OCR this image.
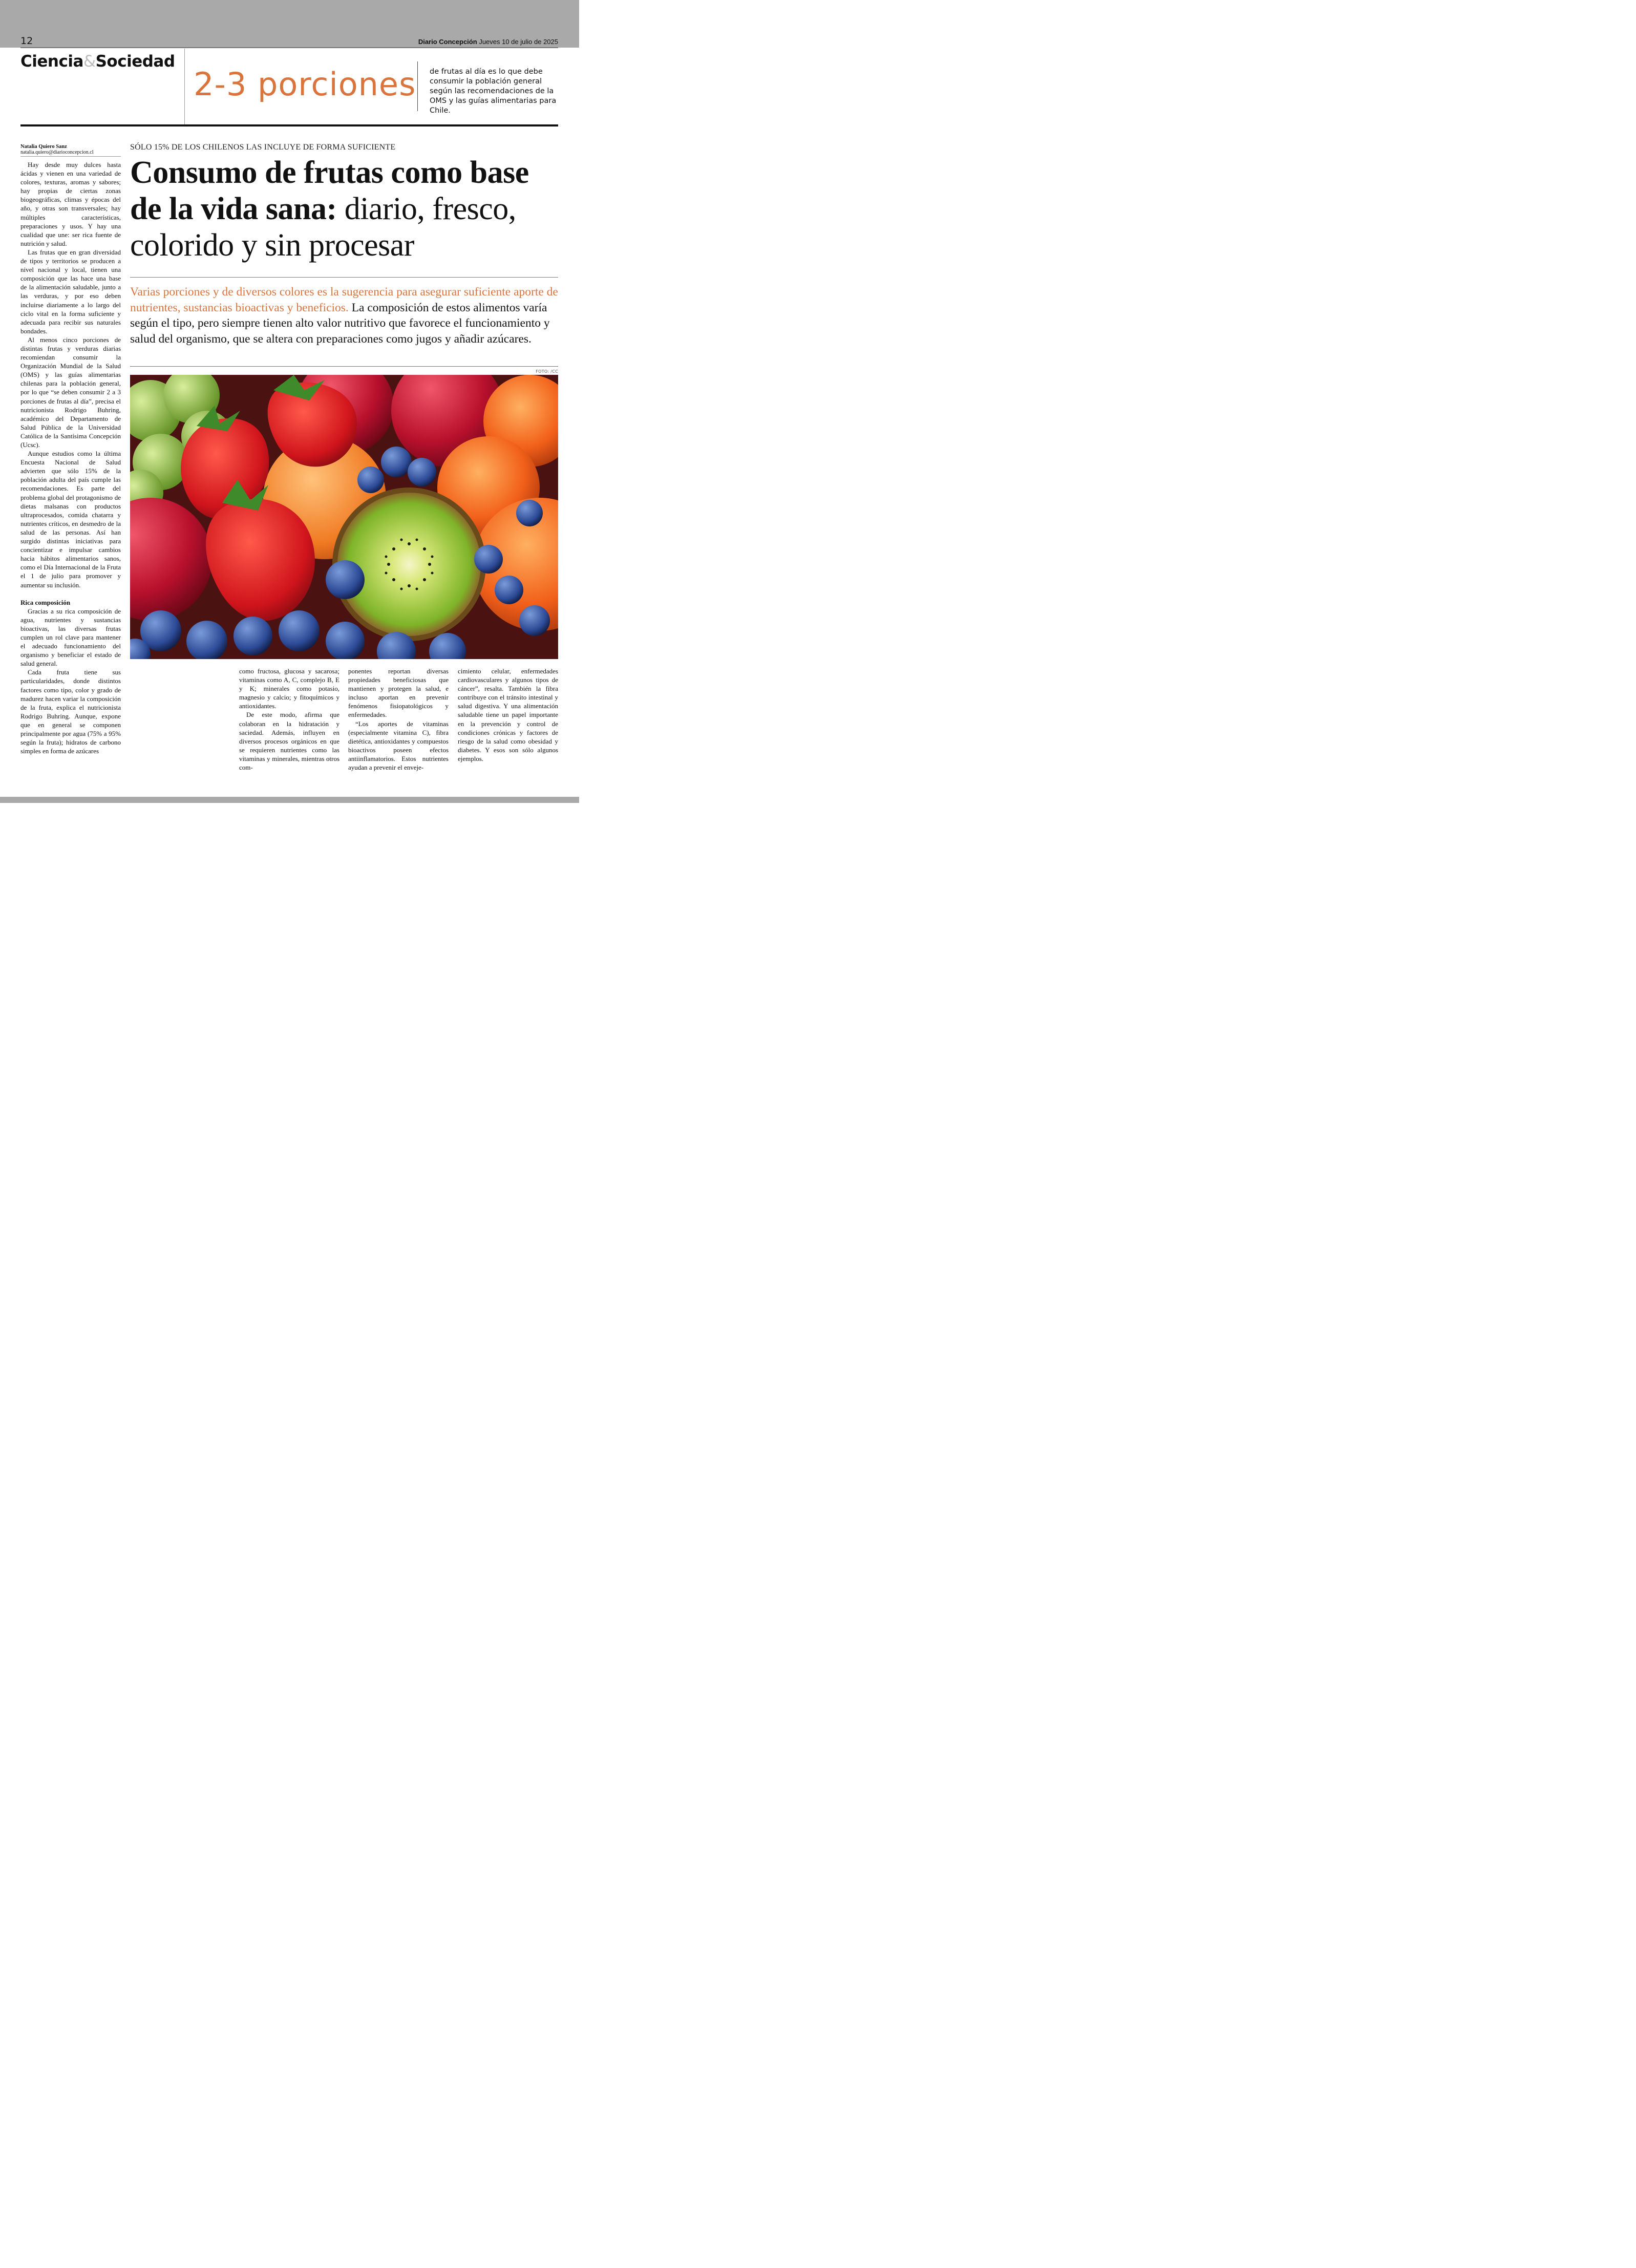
12	Diario Concepción Jueves 10 de julio de 2025
Ciencia&Sociedad
2-3 porciones de frutas al día es lo que debe consumir la población general según las recomendaciones de la OMS y las guías alimentarias para Chile.
Natalia Quiero Sanz
natalia.quiero@diarioconcepcion.cl

Hay desde muy dulces hasta ácidas y vienen en una variedad de colores, texturas, aromas y sabores; hay propias de ciertas zonas biogeográficas, climas y épocas del año, y otras son transversales; hay múltiples características, preparaciones y usos. Y hay una cualidad que une: ser rica fuente de nutrición y salud.

Las frutas que en gran diversidad de tipos y territorios se producen a nivel nacional y local, tienen una composición que las hace una base de la alimentación saludable, junto a las verduras, y por eso deben incluirse diariamente a lo largo del ciclo vital en la forma suficiente y adecuada para recibir sus naturales bondades.

Al menos cinco porciones de distintas frutas y verduras diarias recomiendan consumir la Organización Mundial de la Salud (OMS) y las guías alimentarias chilenas para la población general, por lo que “se deben consumir 2 a 3 porciones de frutas al día”, precisa el nutricionista Rodrigo Buhring, académico del Departamento de Salud Pública de la Universidad Católica de la Santísima Concepción (Ucsc).

Aunque estudios como la última Encuesta Nacional de Salud advierten que sólo 15% de la población adulta del país cumple las recomendaciones. Es parte del problema global del protagonismo de dietas malsanas con productos ultraprocesados, comida chatarra y nutrientes críticos, en desmedro de la salud de las personas. Así han surgido distintas iniciativas para concientizar e impulsar cambios hacia hábitos alimentarios sanos, como el Día Internacional de la Fruta el 1 de julio para promover y aumentar su inclusión.

Rica composición

Gracias a su rica composición de agua, nutrientes y sustancias bioactivas, las diversas frutas cumplen un rol clave para mantener el adecuado funcionamiento del organismo y beneficiar el estado de salud general.

Cada fruta tiene sus particularidades, donde distintos factores como tipo, color y grado de madurez hacen variar la composición de la fruta, explica el nutricionista Rodrigo Buhring. Aunque, expone que en general se componen principalmente por agua (75% a 95% según la fruta); hidratos de carbono simples en forma de azúcares

SÓLO 15% DE LOS CHILENOS LAS INCLUYE DE FORMA SUFICIENTE
Consumo de frutas como base de la vida sana: diario, fresco, colorido y sin procesar
Varias porciones y de diversos colores es la sugerencia para asegurar suficiente aporte de nutrientes, sustancias bioactivas y beneficios. La composición de estos alimentos varía según el tipo, pero siempre tienen alto valor nutritivo que favorece el funcionamiento y salud del organismo, que se altera con preparaciones como jugos y añadir azúcares.
FOTO: /CC

como fructosa, glucosa y sacarosa; vitaminas como A, C, complejo B, E y K; minerales como potasio, magnesio y calcio; y fitoquímicos y antioxidantes.

De este modo, afirma que colaboran en la hidratación y saciedad. Además, influyen en diversos procesos orgánicos en que se requieren nutrientes como las vitaminas y minerales, mientras otros com-

ponentes reportan diversas propiedades beneficiosas que mantienen y protegen la salud, e incluso aportan en prevenir fenómenos fisiopatológicos y enfermedades.

“Los aportes de vitaminas (especialmente vitamina C), fibra dietética, antioxidantes y compuestos bioactivos poseen efectos antiinflamatorios. Estos nutrientes ayudan a prevenir el enveje-

cimiento celular, enfermedades cardiovasculares y algunos tipos de cáncer”, resalta. También la fibra contribuye con el tránsito intestinal y salud digestiva. Y una alimentación saludable tiene un papel importante en la prevención y control de condiciones crónicas y factores de riesgo de la salud como obesidad y diabetes. Y esos son sólo algunos ejemplos.
